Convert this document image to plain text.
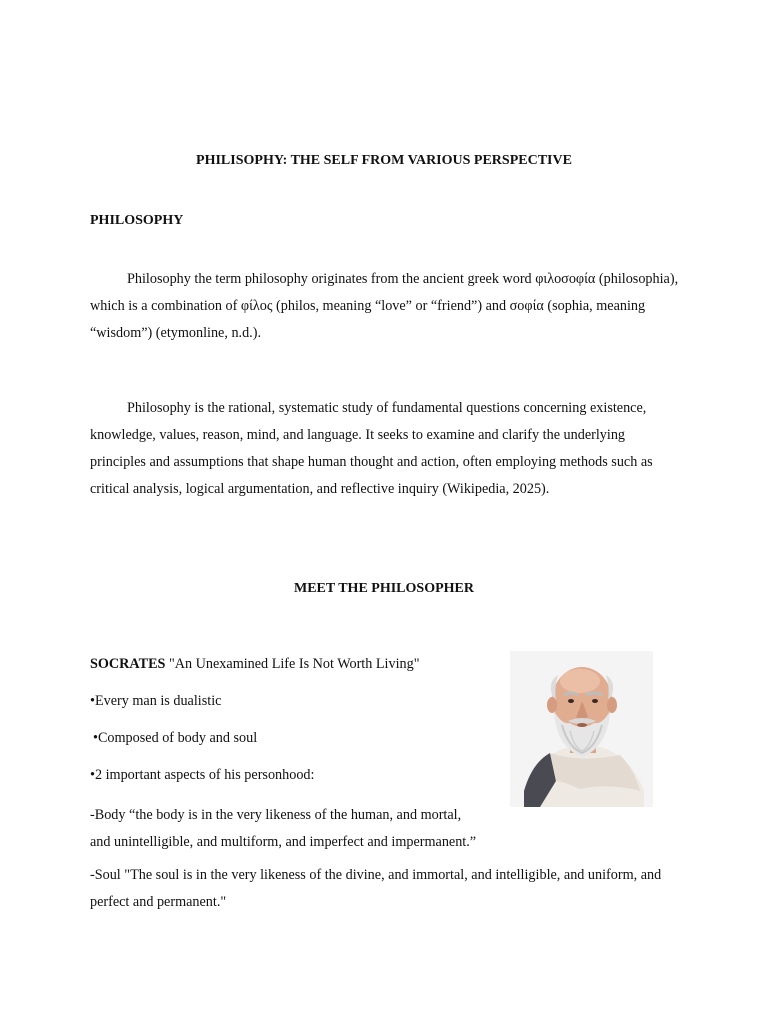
PHILISOPHY: THE SELF FROM VARIOUS PERSPECTIVE
PHILOSOPHY

Philosophy the term philosophy originates from the ancient greek word φιλοσοφία (philosophia), which is a combination of φίλος (philos, meaning “love” or “friend”) and σοφία (sophia, meaning “wisdom”) (etymonline, n.d.).

Philosophy is the rational, systematic study of fundamental questions concerning existence, knowledge, values, reason, mind, and language. It seeks to examine and clarify the underlying principles and assumptions that shape human thought and action, often employing methods such as critical analysis, logical argumentation, and reflective inquiry (Wikipedia, 2025).

MEET THE PHILOSOPHER
SOCRATES "An Unexamined Life Is Not Worth Living"
•Every man is dualistic
•Composed of body and soul
•2 important aspects of his personhood:

-Body “the body is in the very likeness of the human, and mortal,
and unintelligible, and multiform, and imperfect and impermanent.”

-Soul "The soul is in the very likeness of the divine, and immortal, and intelligible, and uniform, and perfect and permanent."
